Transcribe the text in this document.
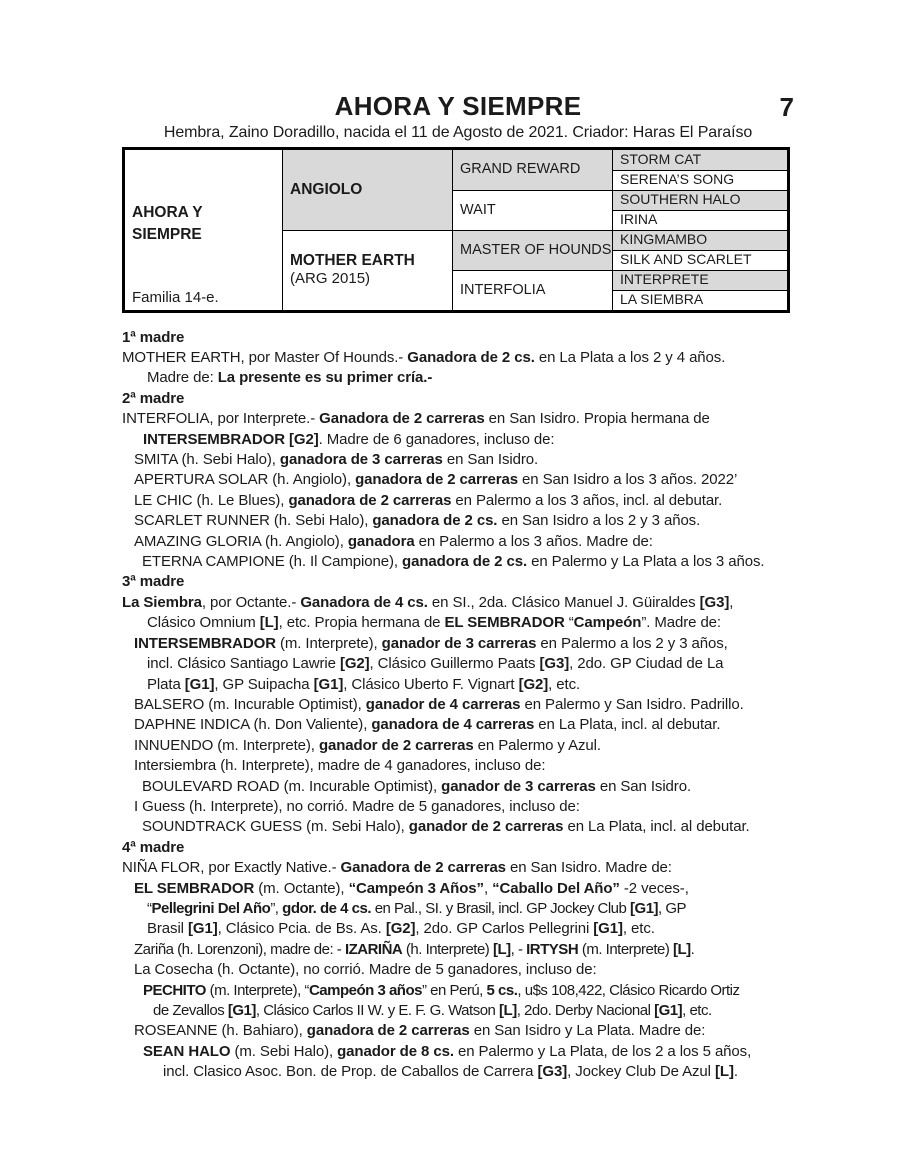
AHORA Y SIEMPRE	7
Hembra, Zaino Doradillo, nacida el 11 de Agosto de 2021. Criador: Haras El Paraíso
AHORA Y
SIEMPRE
Familia 14-e.
ANGIOLO
MOTHER EARTH
(ARG 2015)
GRAND REWARD
WAIT
MASTER OF HOUNDS
INTERFOLIA
STORM CAT
SERENA’S SONG
SOUTHERN HALO
IRINA
KINGMAMBO
SILK AND SCARLET
INTERPRETE
LA SIEMBRA
1ª madre
MOTHER EARTH, por Master Of Hounds.- Ganadora de 2 cs. en La Plata a los 2 y 4 años.
Madre de: La presente es su primer cría.-
2ª madre
INTERFOLIA, por Interprete.- Ganadora de 2 carreras en San Isidro. Propia hermana de
INTERSEMBRADOR [G2]. Madre de 6 ganadores, incluso de:
SMITA (h. Sebi Halo), ganadora de 3 carreras en San Isidro.
APERTURA SOLAR (h. Angiolo), ganadora de 2 carreras en San Isidro a los 3 años. 2022’
LE CHIC (h. Le Blues), ganadora de 2 carreras en Palermo a los 3 años, incl. al debutar.
SCARLET RUNNER (h. Sebi Halo), ganadora de 2 cs. en San Isidro a los 2 y 3 años.
AMAZING GLORIA (h. Angiolo), ganadora en Palermo a los 3 años. Madre de:
ETERNA CAMPIONE (h. Il Campione), ganadora de 2 cs. en Palermo y La Plata a los 3 años.
3ª madre
La Siembra, por Octante.- Ganadora de 4 cs. en SI., 2da. Clásico Manuel J. Güiraldes [G3],
Clásico Omnium [L], etc. Propia hermana de EL SEMBRADOR “Campeón”. Madre de:
INTERSEMBRADOR (m. Interprete), ganador de 3 carreras en Palermo a los 2 y 3 años,
incl. Clásico Santiago Lawrie [G2], Clásico Guillermo Paats [G3], 2do. GP Ciudad de La
Plata [G1], GP Suipacha [G1], Clásico Uberto F. Vignart [G2], etc.
BALSERO (m. Incurable Optimist), ganador de 4 carreras en Palermo y San Isidro. Padrillo.
DAPHNE INDICA (h. Don Valiente), ganadora de 4 carreras en La Plata, incl. al debutar.
INNUENDO (m. Interprete), ganador de 2 carreras en Palermo y Azul.
Intersiembra (h. Interprete), madre de 4 ganadores, incluso de:
BOULEVARD ROAD (m. Incurable Optimist), ganador de 3 carreras en San Isidro.
I Guess (h. Interprete), no corrió. Madre de 5 ganadores, incluso de:
SOUNDTRACK GUESS (m. Sebi Halo), ganador de 2 carreras en La Plata, incl. al debutar.
4ª madre
NIÑA FLOR, por Exactly Native.- Ganadora de 2 carreras en San Isidro. Madre de:
EL SEMBRADOR (m. Octante), “Campeón 3 Años”, “Caballo Del Año” -2 veces-,
“Pellegrini Del Año”, gdor. de 4 cs. en Pal., SI. y Brasil, incl. GP Jockey Club [G1], GP
Brasil [G1], Clásico Pcia. de Bs. As. [G2], 2do. GP Carlos Pellegrini [G1], etc.
Zariña (h. Lorenzoni), madre de: - IZARIÑA (h. Interprete) [L], - IRTYSH (m. Interprete) [L].
La Cosecha (h. Octante), no corrió. Madre de 5 ganadores, incluso de:
PECHITO (m. Interprete), “Campeón 3 años” en Perú, 5 cs., u$s 108,422, Clásico Ricardo Ortiz
de Zevallos [G1], Clásico Carlos II W. y E. F. G. Watson [L], 2do. Derby Nacional [G1], etc.
ROSEANNE (h. Bahiaro), ganadora de 2 carreras en San Isidro y La Plata. Madre de:
SEAN HALO (m. Sebi Halo), ganador de 8 cs. en Palermo y La Plata, de los 2 a los 5 años,
incl. Clasico Asoc. Bon. de Prop. de Caballos de Carrera [G3], Jockey Club De Azul [L].
